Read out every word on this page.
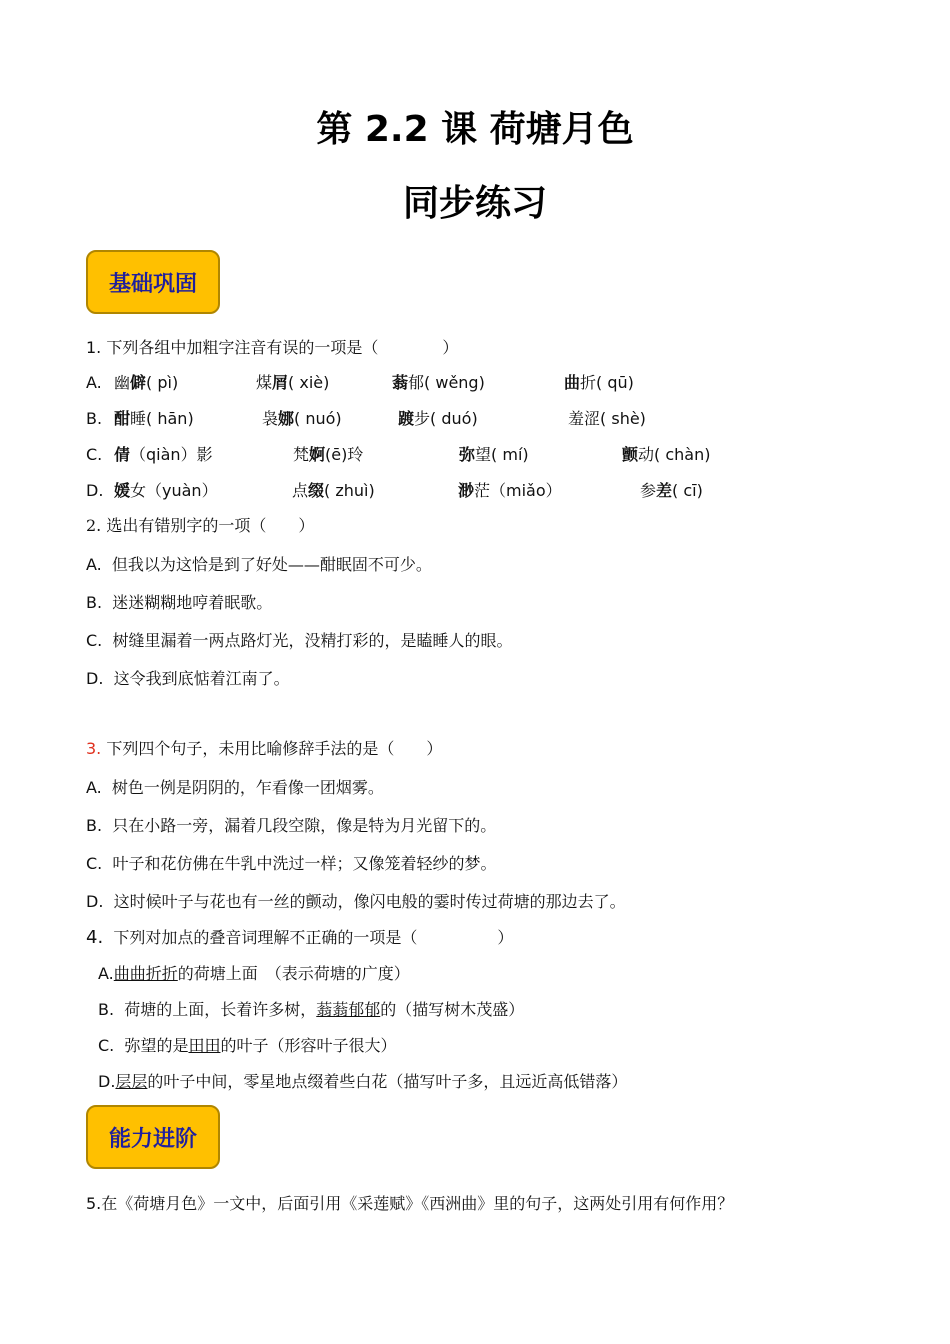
第 2.2 课 荷塘月色
同步练习
基础巩固
1. 下列各组中加粗字注音有误的一项是（　　　　）
A. 幽僻( pì)	煤屑( xiè)	蓊郁( wěng)	曲折( qū)
B. 酣睡( hān)	袅娜( nuó)	踱步( duó)	羞涩( shè)
C. 倩（qiàn）影	梵婀(ē)玲	弥望( mí)	颤动( chàn)
D. 媛女（yuàn）	点缀( zhuì)	渺茫（miǎo）	参差( cī)
2. 选出有错别字的一项（　　）
A. 但我以为这恰是到了好处——酣眠固不可少。
B. 迷迷糊糊地哼着眠歌。
C. 树缝里漏着一两点路灯光，没精打彩的，是瞌睡人的眼。
D. 这令我到底惦着江南了。
3. 下列四个句子，未用比喻修辞手法的是（　　）
A. 树色一例是阴阴的，乍看像一团烟雾。
B. 只在小路一旁，漏着几段空隙，像是特为月光留下的。
C. 叶子和花仿佛在牛乳中洗过一样；又像笼着轻纱的梦。
D. 这时候叶子与花也有一丝的颤动，像闪电般的霎时传过荷塘的那边去了。
4. 下列对加点的叠音词理解不正确的一项是（　　　　　）
A.曲曲折折的荷塘上面　（表示荷塘的广度）
B. 荷塘的上面，长着许多树，蓊蓊郁郁的（描写树木茂盛）
C. 弥望的是田田的叶子（形容叶子很大）
D.层层的叶子中间，零星地点缀着些白花（描写叶子多，且远近高低错落）
能力进阶
5.在《荷塘月色》一文中，后面引用《采莲赋》《西洲曲》里的句子，这两处引用有何作用？
